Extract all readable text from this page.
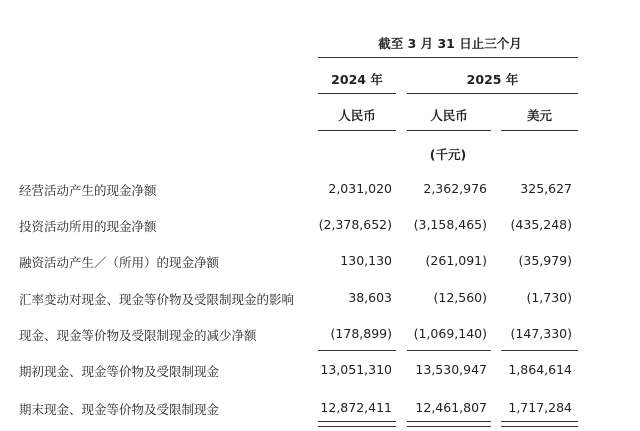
截至 3 月 31 日止三个月
2024 年	2025 年
人民币	人民币	美元
(千元)
经营活动产生的现金净额	2,031,020	2,362,976	325,627
投资活动所用的现金净额	(2,378,652) (3,158,465) (435,248)
融资活动产生／（所用）的现金净额	130,130	(261,091)	(35,979)
汇率变动对现金、现金等价物及受限制现金的影响	38,603	(12,560)	(1,730)
现金、现金等价物及受限制现金的减少净额	(178,899) (1,069,140) (147,330)
期初现金、现金等价物及受限制现金	13,051,310 13,530,947 1,864,614
期末现金、现金等价物及受限制现金	12,872,411 12,461,807 1,717,284
